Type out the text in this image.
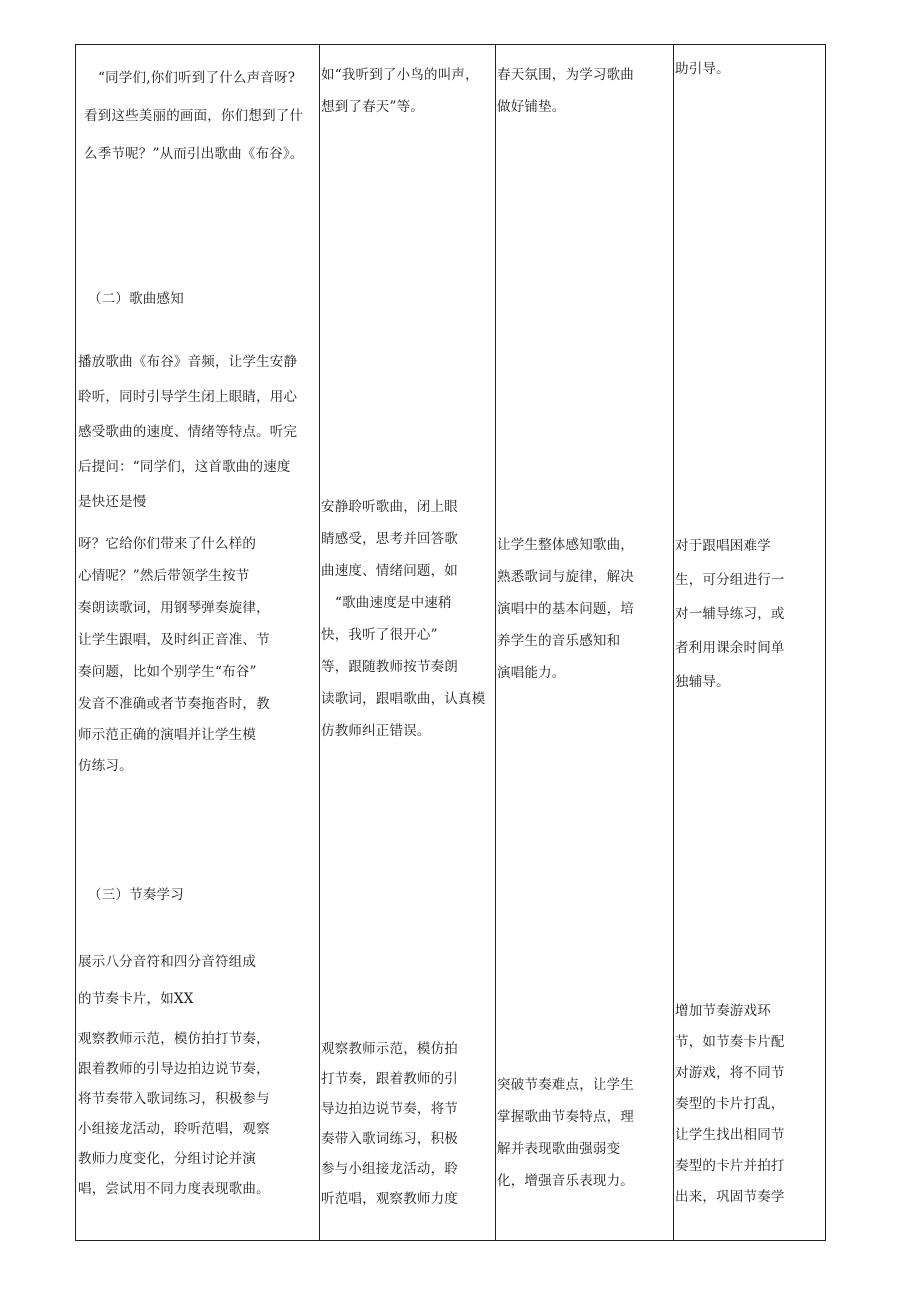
“同学们,你们听到了什么声音呀?
看到这些美丽的画面，你们想到了什
么季节呢？”从而引出歌曲《布谷》。
（二）歌曲感知
播放歌曲《布谷》音频，让学生安静
聆听，同时引导学生闭上眼睛，用心
感受歌曲的速度、情绪等特点。听完
后提问：“同学们，这首歌曲的速度
是快还是慢
呀？它给你们带来了什么样的
心情呢？”然后带领学生按节
奏朗读歌词，用钢琴弹奏旋律，
让学生跟唱，及时纠正音准、节
奏问题，比如个别学生“布谷”
发音不准确或者节奏拖沓时，教
师示范正确的演唱并让学生模
仿练习。
（三）节奏学习
展示八分音符和四分音符组成
的节奏卡片，如XX
观察教师示范，模仿拍打节奏，
跟着教师的引导边拍边说节奏，
将节奏带入歌词练习，积极参与
小组接龙活动，聆听范唱，观察
教师力度变化，分组讨论并演
唱，尝试用不同力度表现歌曲。
如“我听到了小鸟的叫声，
想到了春天”等。
安静聆听歌曲，闭上眼
睛感受，思考并回答歌
曲速度、情绪问题，如
“歌曲速度是中速稍
快，我听了很开心”
等，跟随教师按节奏朗
读歌词，跟唱歌曲，认真模
仿教师纠正错误。
观察教师示范，模仿拍
打节奏，跟着教师的引
导边拍边说节奏，将节
奏带入歌词练习，积极
参与小组接龙活动，聆
听范唱，观察教师力度
春天氛围，为学习歌曲
做好铺垫。
让学生整体感知歌曲，
熟悉歌词与旋律，解决
演唱中的基本问题，培
养学生的音乐感知和
演唱能力。
突破节奏难点，让学生
掌握歌曲节奏特点，理
解并表现歌曲强弱变
化，增强音乐表现力。
助引导。
对于跟唱困难学
生，可分组进行一
对一辅导练习，或
者利用课余时间单
独辅导。
增加节奏游戏环
节，如节奏卡片配
对游戏，将不同节
奏型的卡片打乱，
让学生找出相同节
奏型的卡片并拍打
出来，巩固节奏学
